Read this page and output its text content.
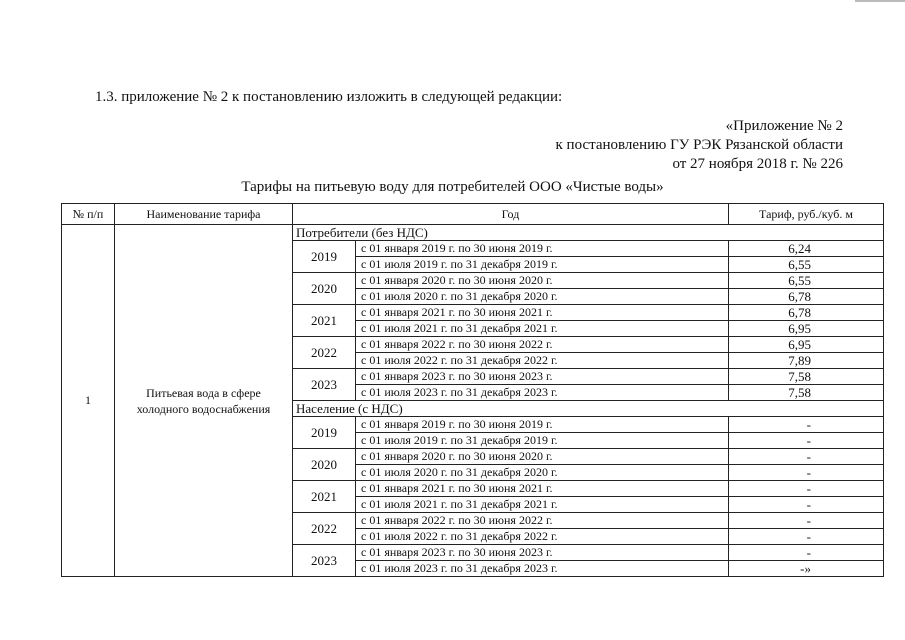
1.3. приложение № 2 к постановлению изложить в следующей редакции:
«Приложение № 2
к постановлению ГУ РЭК Рязанской области
от 27 ноября 2018 г. № 226
Тарифы на питьевую воду для потребителей ООО «Чистые воды»
№ п/п	Наименование тарифа	Год		Тариф, руб./куб. м
1	Питьевая вода в сфере
холодного водоснабжения	Потребители (без НДС)		
		2019	с 01 января 2019 г. по 30 июня 2019 г.	6,24
			с 01 июля 2019 г. по 31 декабря 2019 г.	6,55
		2020	с 01 января 2020 г. по 30 июня 2020 г.	6,55
			с 01 июля 2020 г. по 31 декабря 2020 г.	6,78
		2021	с 01 января 2021 г. по 30 июня 2021 г.	6,78
			с 01 июля 2021 г. по 31 декабря 2021 г.	6,95
		2022	с 01 января 2022 г. по 30 июня 2022 г.	6,95
			с 01 июля 2022 г. по 31 декабря 2022 г.	7,89
		2023	с 01 января 2023 г. по 30 июня 2023 г.	7,58
			с 01 июля 2023 г. по 31 декабря 2023 г.	7,58
		Население (с НДС)		
		2019	с 01 января 2019 г. по 30 июня 2019 г.	-
			с 01 июля 2019 г. по 31 декабря 2019 г.	-
		2020	с 01 января 2020 г. по 30 июня 2020 г.	-
			с 01 июля 2020 г. по 31 декабря 2020 г.	-
		2021	с 01 января 2021 г. по 30 июня 2021 г.	-
			с 01 июля 2021 г. по 31 декабря 2021 г.	-
		2022	с 01 января 2022 г. по 30 июня 2022 г.	-
			с 01 июля 2022 г. по 31 декабря 2022 г.	-
		2023	с 01 января 2023 г. по 30 июня 2023 г.	-
			с 01 июля 2023 г. по 31 декабря 2023 г.	-»
